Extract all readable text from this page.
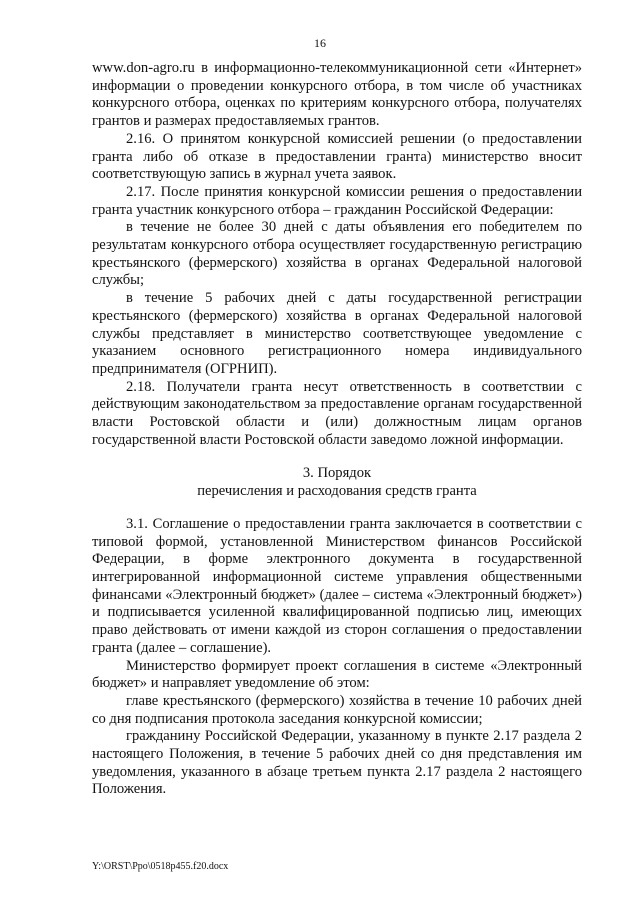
16

www.don-agro.ru в информационно-телекоммуникационной сети «Интернет» информации о проведении конкурсного отбора, в том числе об участниках конкурсного отбора, оценках по критериям конкурсного отбора, получателях грантов и размерах предоставляемых грантов.

2.16. О принятом конкурсной комиссией решении (о предоставлении гранта либо об отказе в предоставлении гранта) министерство вносит соответствующую запись в журнал учета заявок.

2.17. После принятия конкурсной комиссии решения о предоставлении гранта участник конкурсного отбора – гражданин Российской Федерации:

в течение не более 30 дней с даты объявления его победителем по результатам конкурсного отбора осуществляет государственную регистрацию крестьянского (фермерского) хозяйства в органах Федеральной налоговой службы;

в течение 5 рабочих дней с даты государственной регистрации крестьянского (фермерского) хозяйства в органах Федеральной налоговой службы представляет в министерство соответствующее уведомление с указанием основного регистрационного номера индивидуального предпринимателя (ОГРНИП).

2.18. Получатели гранта несут ответственность в соответствии с действующим законодательством за предоставление органам государственной власти Ростовской области и (или) должностным лицам органов государственной власти Ростовской области заведомо ложной информации.

3. Порядок
перечисления и расходования средств гранта

3.1. Соглашение о предоставлении гранта заключается в соответствии с типовой формой, установленной Министерством финансов Российской Федерации, в форме электронного документа в государственной интегрированной информационной системе управления общественными финансами «Электронный бюджет» (далее – система «Электронный бюджет») и подписывается усиленной квалифицированной подписью лиц, имеющих право действовать от имени каждой из сторон соглашения о предоставлении гранта (далее – соглашение).

Министерство формирует проект соглашения в системе «Электронный бюджет» и направляет уведомление об этом:

главе крестьянского (фермерского) хозяйства в течение 10 рабочих дней со дня подписания протокола заседания конкурсной комиссии;

гражданину Российской Федерации, указанному в пункте 2.17 раздела 2 настоящего Положения, в течение 5 рабочих дней со дня представления им уведомления, указанного в абзаце третьем пункта 2.17 раздела 2 настоящего Положения.

Y:\ORST\Ppo\0518p455.f20.docx
